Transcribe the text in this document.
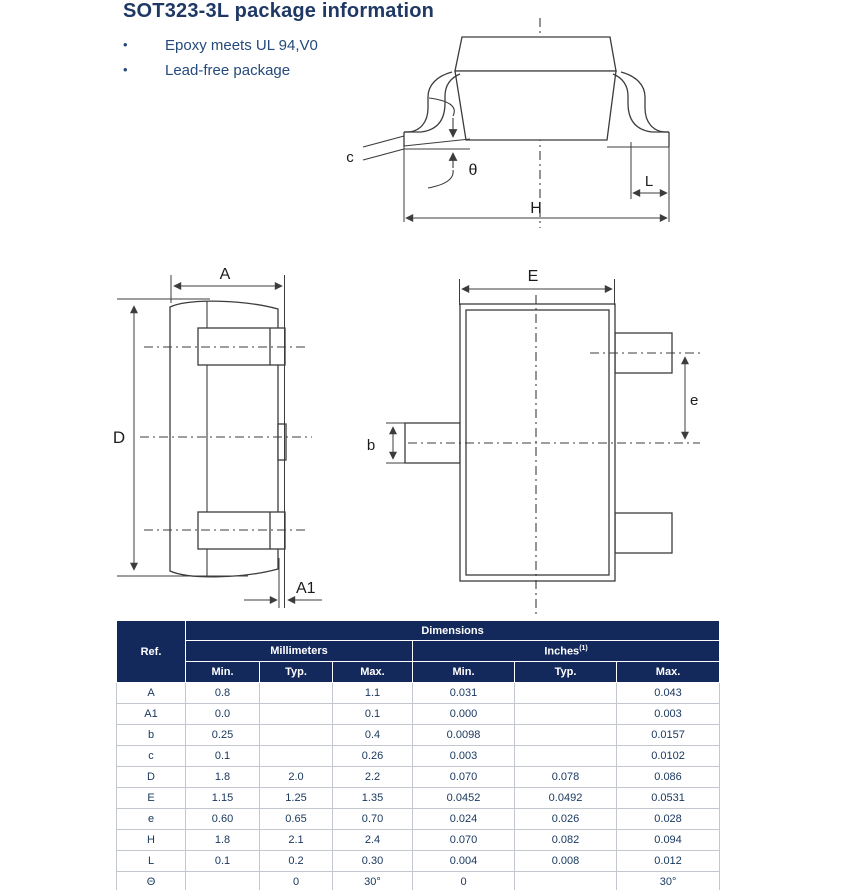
SOT323-3L package information
•	Epoxy meets UL 94,V0
•	Lead-free package
c
θ
L
H
A
D
A1
E
b
e
Ref.	Dimensions					
	Millimeters			Inches$^{(1)}$
	Min.	Typ.	Max.	Min.	Typ.	Max.
A	0.8		1.1	0.031		0.043
A1	0.0		0.1	0.000		0.003
b	0.25		0.4	0.0098		0.0157
c	0.1		0.26	0.003		0.0102
D	1.8	2.0	2.2	0.070	0.078	0.086
E	1.15	1.25	1.35	0.0452	0.0492	0.0531
e	0.60	0.65	0.70	0.024	0.026	0.028
H	1.8	2.1	2.4	0.070	0.082	0.094
L	0.1	0.2	0.30	0.004	0.008	0.012
Θ		0	30°	0		30°
